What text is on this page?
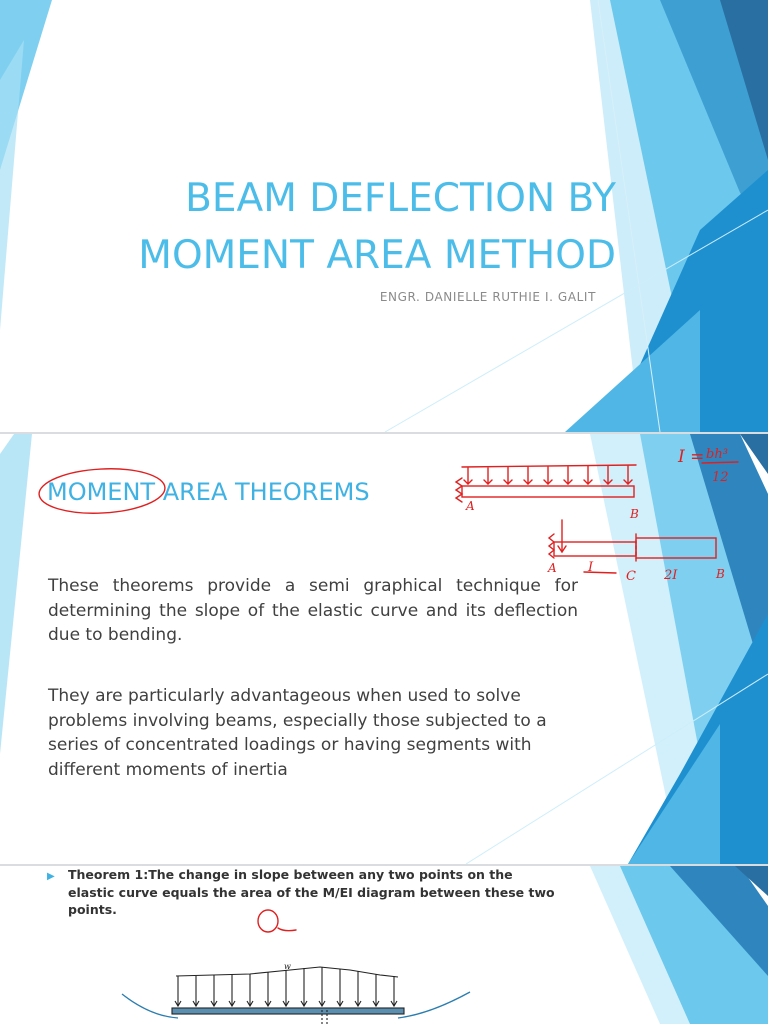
BEAM DEFLECTION BY
MOMENT AREA METHOD
ENGR. DANIELLE RUTHIE I. GALIT
MOMENT AREA THEOREMS
I = bh³
12
A
B
A I
C 2I	B
These theorems provide a semi graphical technique for determining the slope of the elastic curve and its deflection due to bending.
They are particularly advantageous when used to solve problems involving beams, especially those subjected to a series of concentrated loadings or having segments with different moments of inertia
▶	Theorem 1:The change in slope between any two points on the elastic curve equals the area of the M/EI diagram between these two points.
w
